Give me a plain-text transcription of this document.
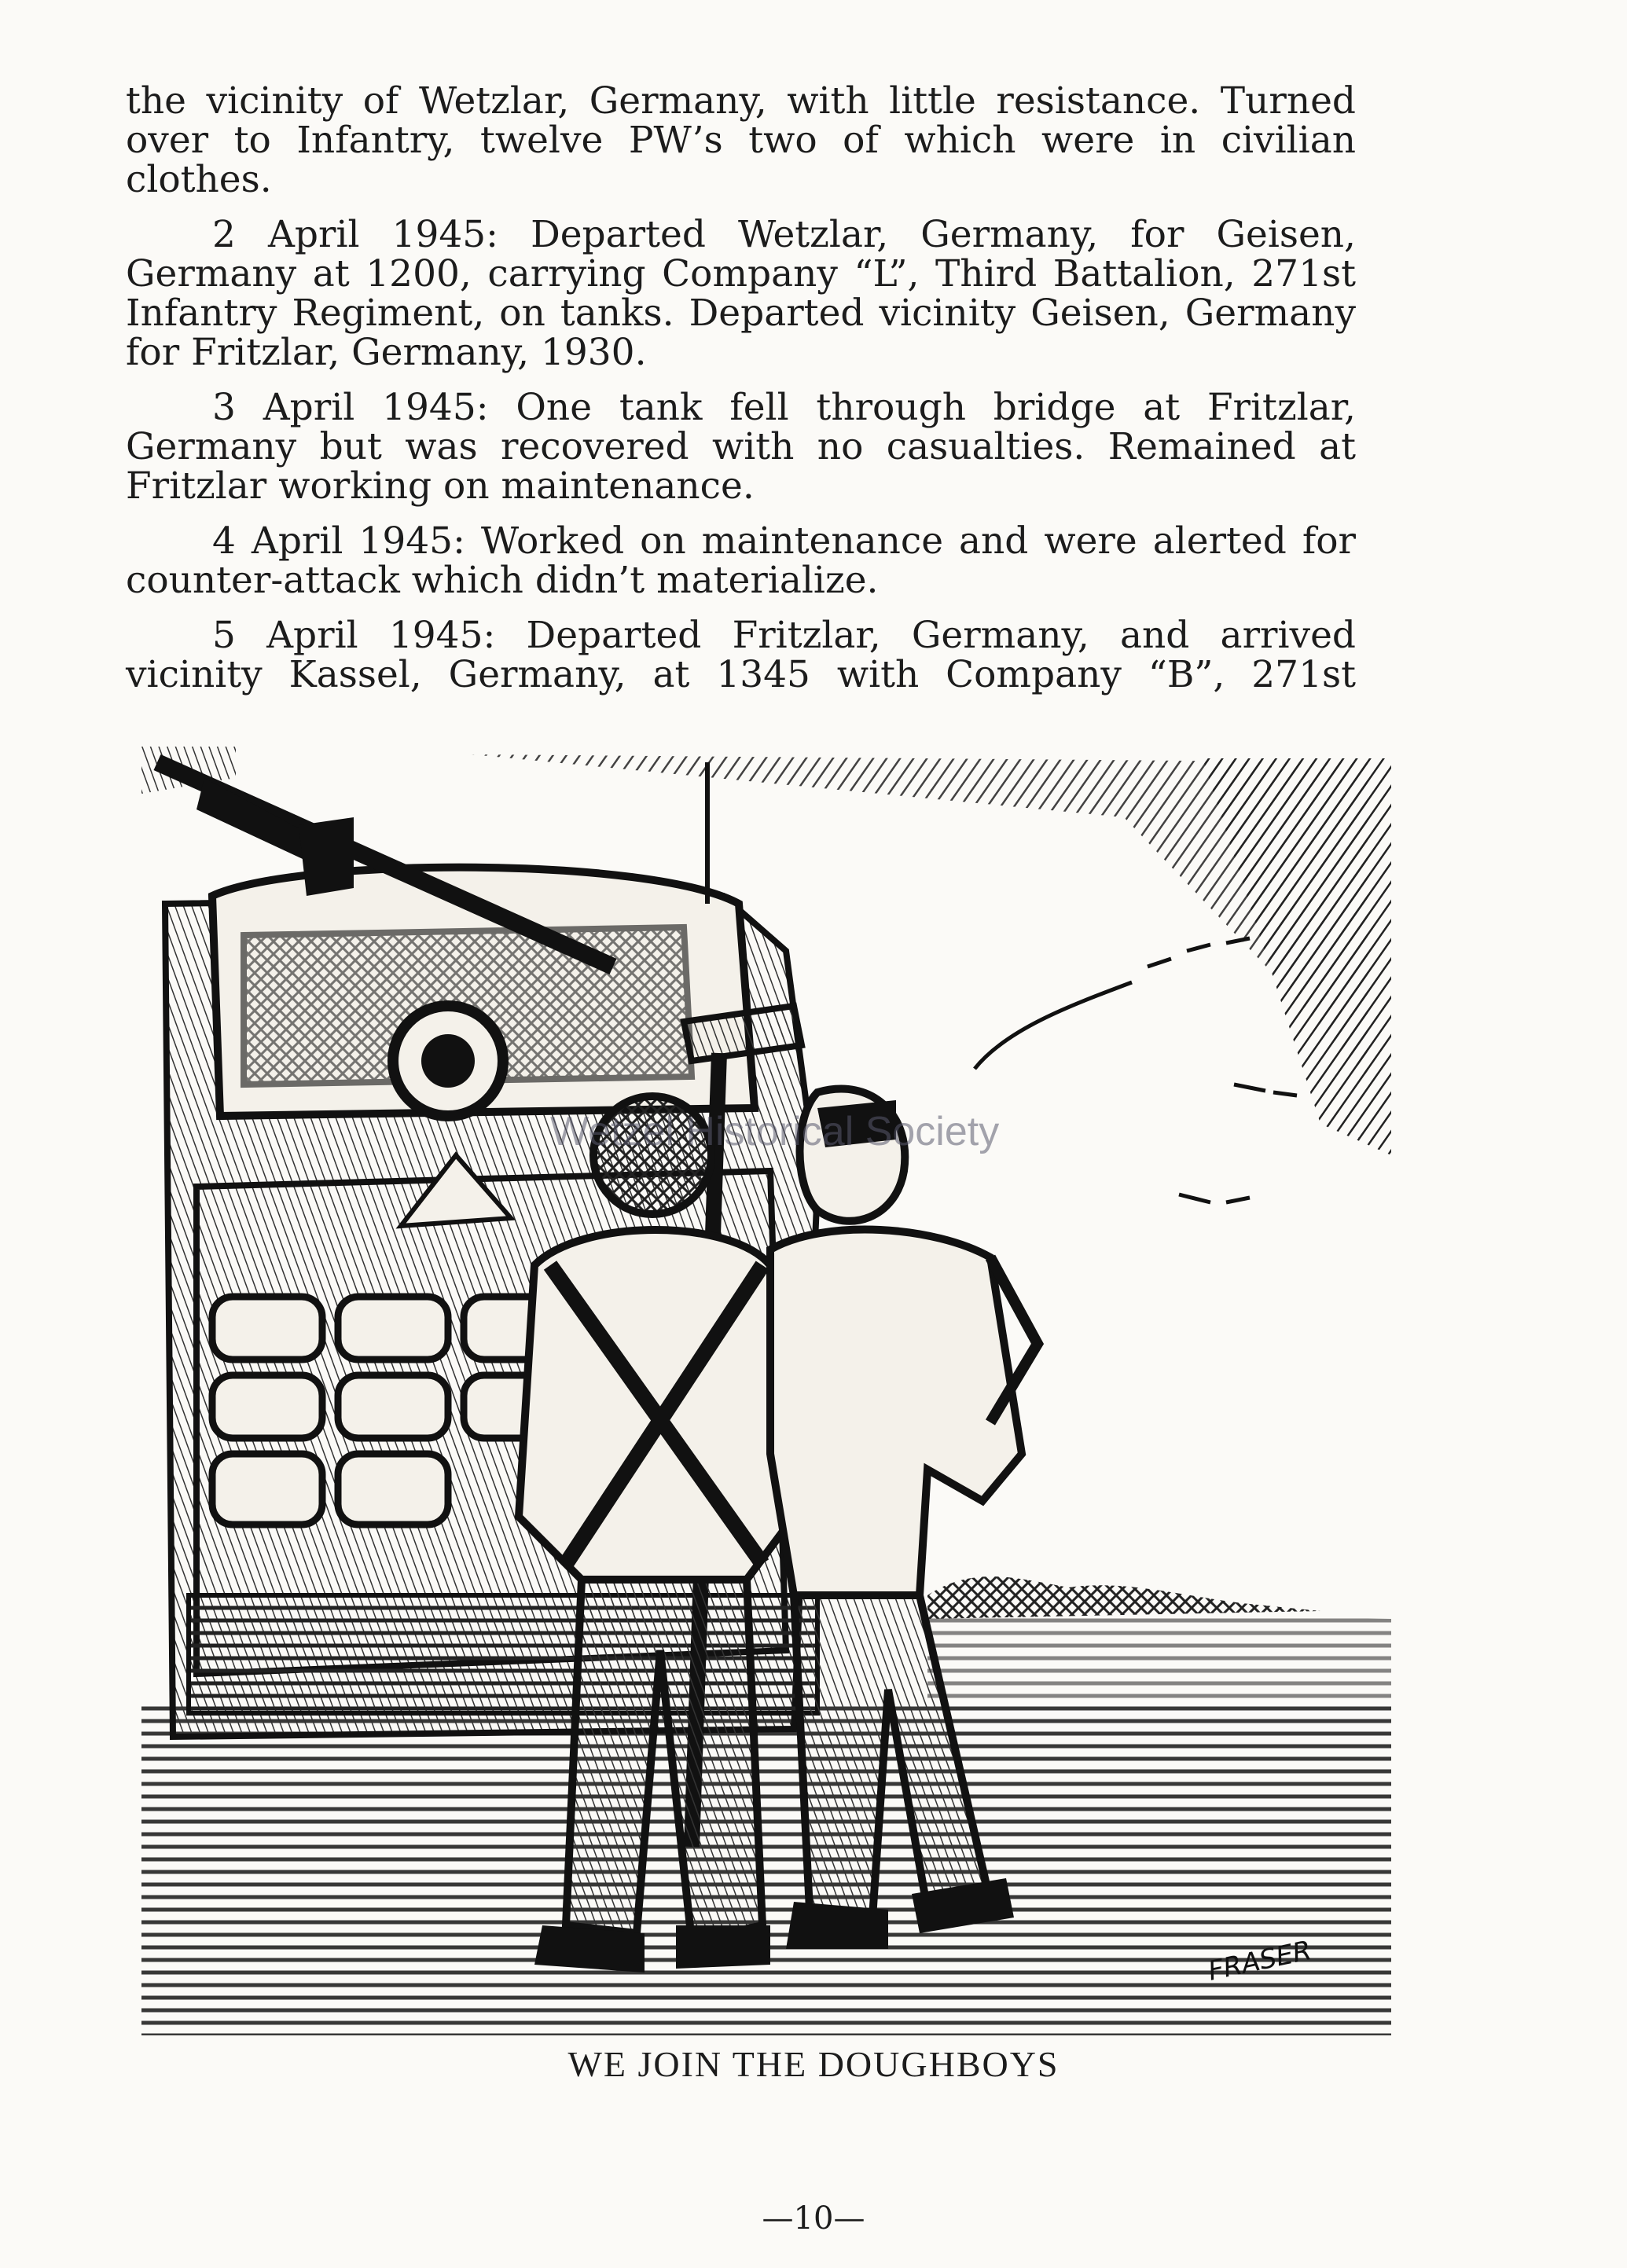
the vicinity of Wetzlar, Germany, with little resistance. Turned over to Infantry, twelve PW’s two of which were in civilian clothes.

2 April 1945: Departed Wetzlar, Germany, for Geisen, Germany at 1200, carrying Company “L”, Third Battalion, 271st Infantry Regiment, on tanks. Departed vicinity Geisen, Germany for Fritzlar, Germany, 1930.

3 April 1945: One tank fell through bridge at Fritzlar, Germany but was recovered with no casualties. Remained at Fritzlar working on maintenance.

4 April 1945: Worked on maintenance and were alerted for counter-attack which didn’t materialize.

5 April 1945: Departed Fritzlar, Germany, and arrived vicinity Kassel, Germany, at 1345 with Company “B”, 271st

FRASER
Wetzel Historical Society
WE JOIN THE DOUGHBOYS
—10—
